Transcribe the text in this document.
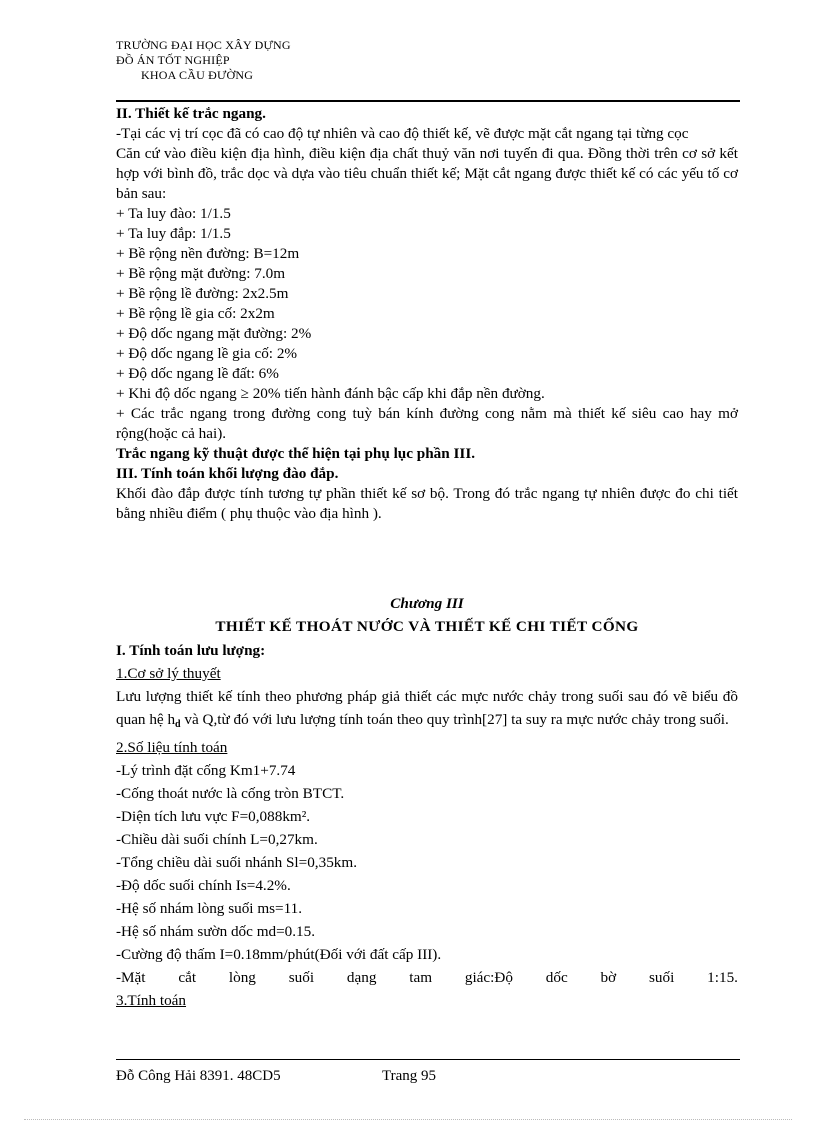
TRƯỜNG ĐẠI HỌC XÂY DỰNG
ĐỒ ÁN TỐT NGHIỆP
KHOA CẦU ĐƯỜNG
II. Thiết kế trắc ngang.
-Tại các vị trí cọc đã có cao độ tự nhiên và cao độ thiết kế, vẽ được mặt cắt ngang tại từng cọc
Căn cứ vào điều kiện địa hình, điều kiện địa chất thuỷ văn nơi tuyến đi qua. Đồng thời trên cơ sở kết hợp với bình đồ, trắc dọc và dựa vào tiêu chuẩn thiết kế; Mặt cắt ngang được thiết kế có các yếu tố cơ bản sau:
+ Ta luy đào: 1/1.5
+ Ta luy đắp: 1/1.5
+ Bề rộng nền đường: B=12m
+ Bề rộng mặt đường: 7.0m
+ Bề rộng lề đường: 2x2.5m
+ Bề rộng lề gia cố: 2x2m
+ Độ dốc ngang mặt đường: 2%
+ Độ dốc ngang lề gia cố: 2%
+ Độ dốc ngang lề đất: 6%
+ Khi độ dốc ngang ≥ 20% tiến hành đánh bậc cấp khi đắp nền đường.
+ Các trắc ngang trong đường cong tuỳ bán kính đường cong nằm mà thiết kế siêu cao hay mở rộng(hoặc cả hai).
Trắc ngang kỹ thuật được thể hiện tại phụ lục phần III.
III. Tính toán khối lượng đào đắp.
Khối đào đắp được tính tương tự phần thiết kế sơ bộ. Trong đó trắc ngang tự nhiên được đo chi tiết bằng nhiều điểm ( phụ thuộc vào địa hình ).
Chương III
THIẾT KẾ THOÁT NƯỚC VÀ THIẾT KẾ CHI TIẾT CỐNG
I. Tính toán lưu lượng:
1.Cơ sở lý thuyết
Lưu lượng thiết kế tính theo phương pháp giả thiết các mực nước chảy trong suối sau đó vẽ biểu đồ quan hệ $h_d$ và Q,từ đó với lưu lượng tính toán theo quy trình[27] ta suy ra mực nước chảy trong suối.
2.Số liệu tính toán
-Lý trình đặt cống Km1+7.74
-Cống thoát nước là cống tròn BTCT.
-Diện tích lưu vực F=0,088km².
-Chiều dài suối chính L=0,27km.
-Tổng chiều dài suối nhánh Sl=0,35km.
-Độ dốc suối chính Is=4.2%.
-Hệ số nhám lòng suối ms=11.
-Hệ số nhám sườn dốc md=0.15.
-Cường độ thấm I=0.18mm/phút(Đối với đất cấp III).
-Mặt cắt lòng suối dạng tam giác:Độ dốc bờ suối 1:15.
3.Tính toán
Đỗ Công Hải 8391. 48CD5	Trang 95
